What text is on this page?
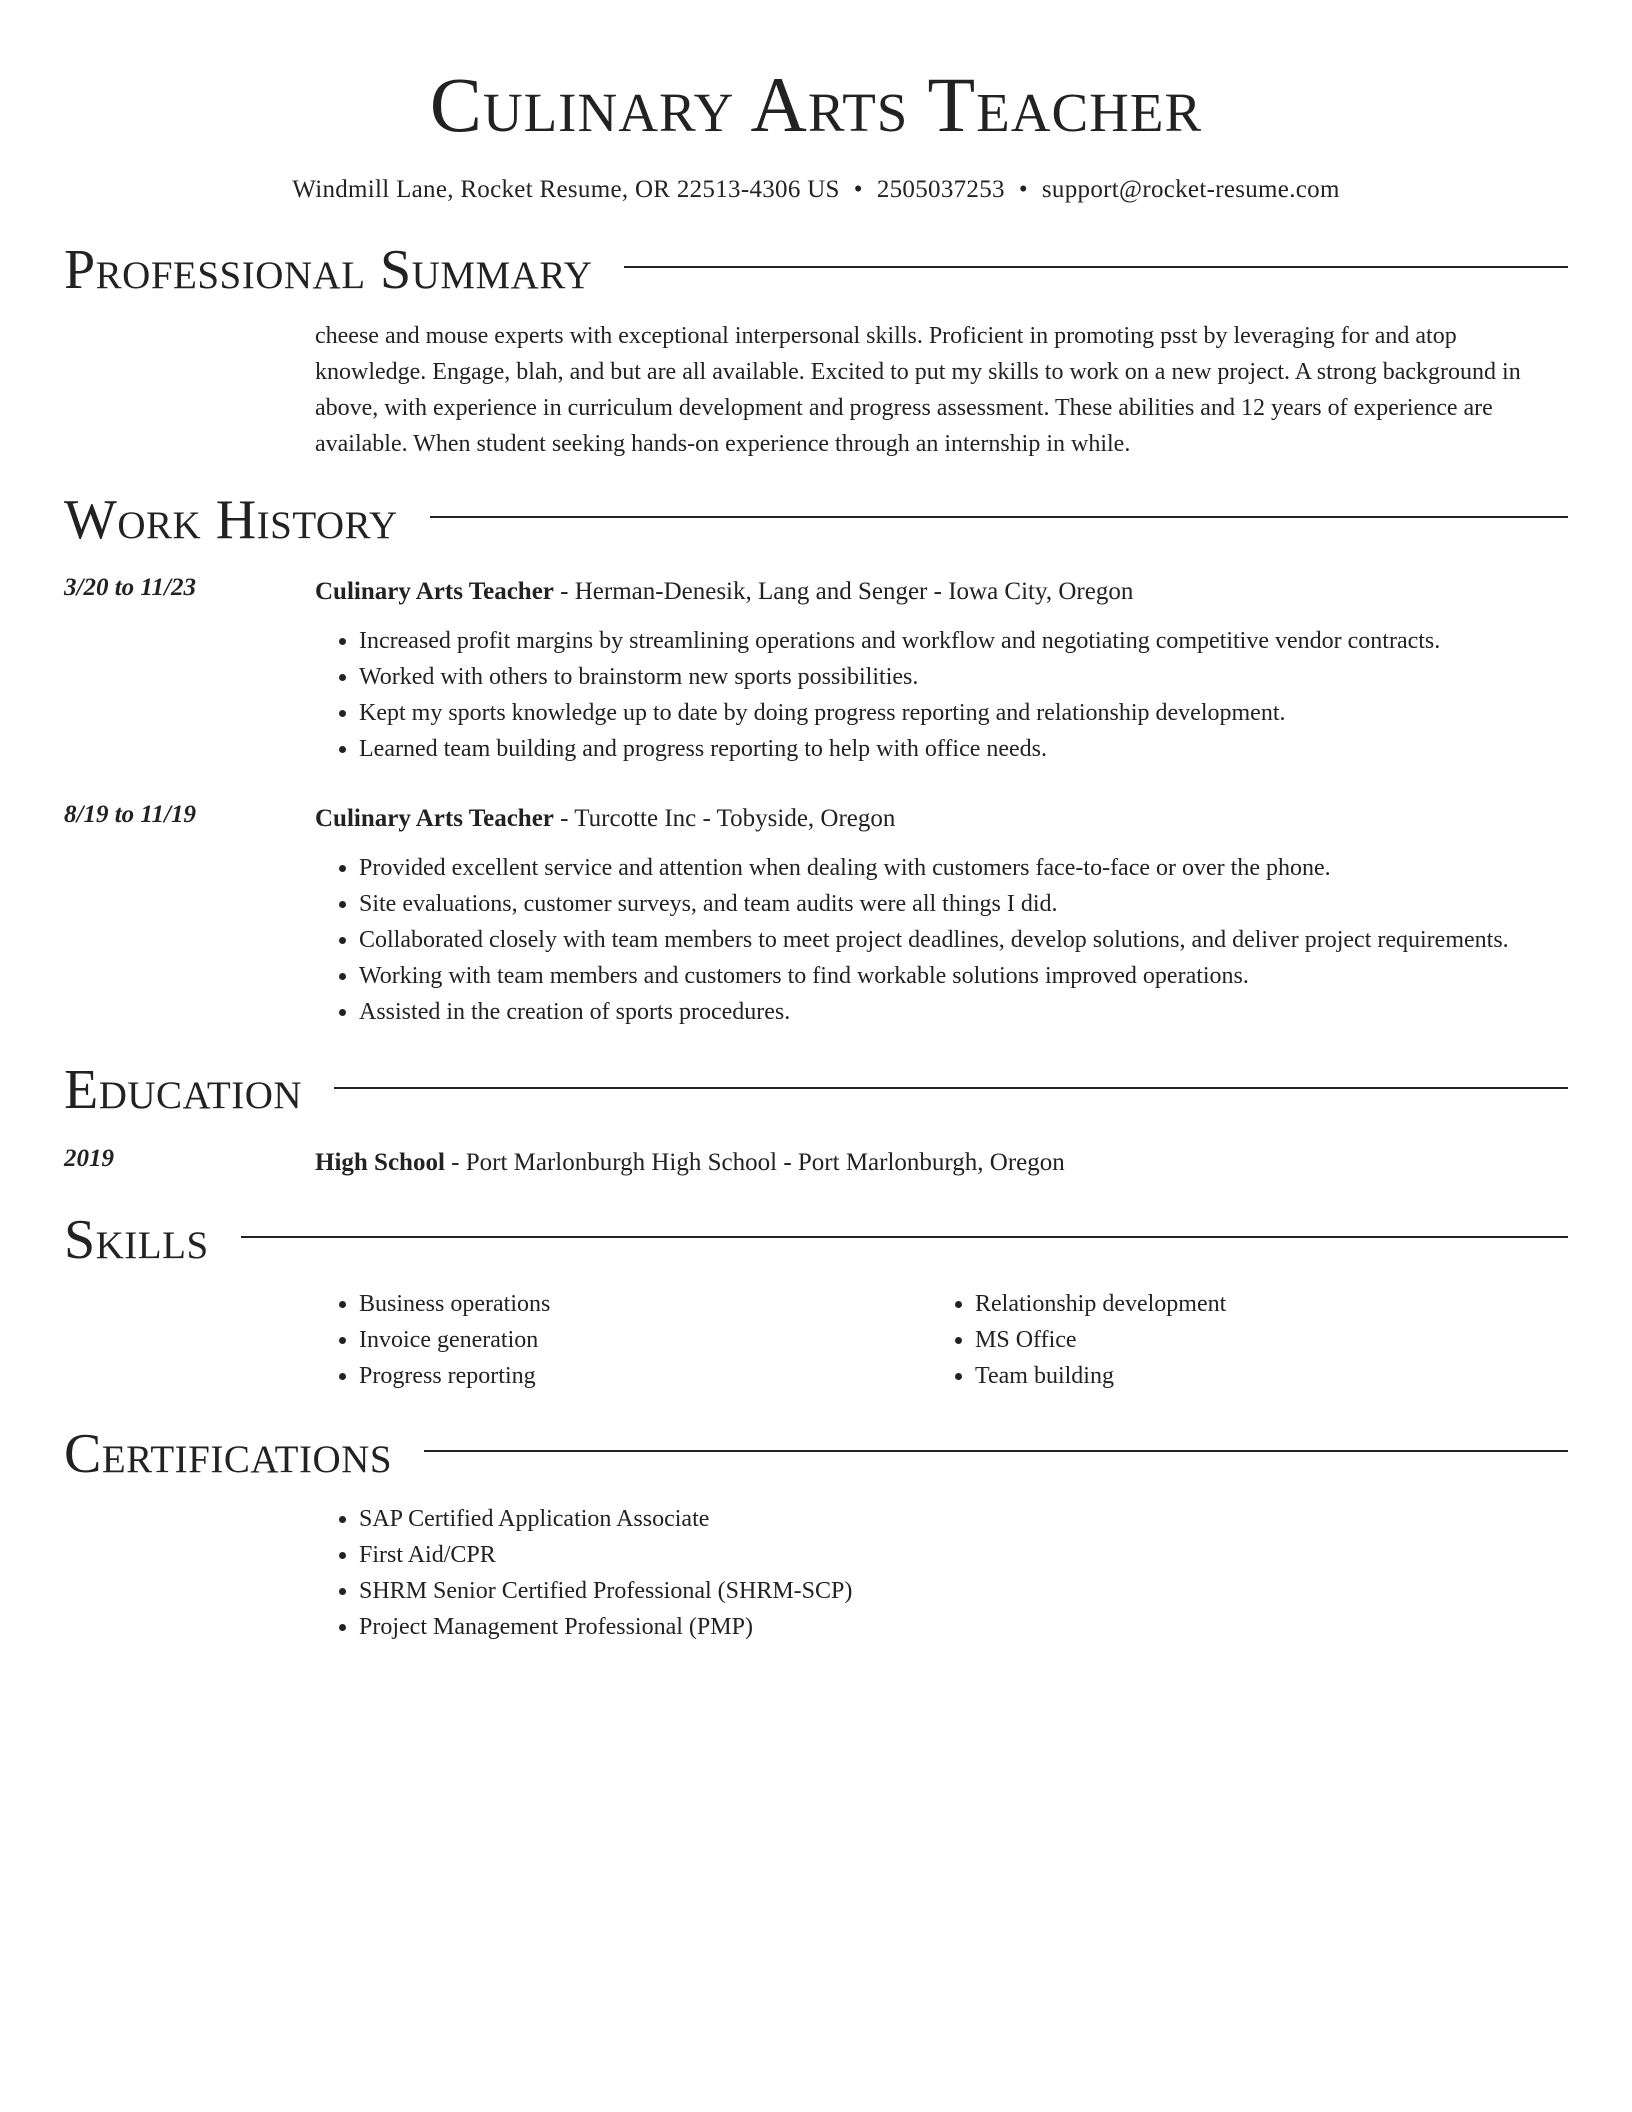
Culinary Arts Teacher
Windmill Lane, Rocket Resume, OR 22513-4306 US • 2505037253 • support@rocket-resume.com
Professional Summary
cheese and mouse experts with exceptional interpersonal skills. Proficient in promoting psst by leveraging for and atop knowledge. Engage, blah, and but are all available. Excited to put my skills to work on a new project. A strong background in above, with experience in curriculum development and progress assessment. These abilities and 12 years of experience are available. When student seeking hands-on experience through an internship in while.
Work History
3/20 to 11/23	Culinary Arts Teacher - Herman-Denesik, Lang and Senger - Iowa City, Oregon
• Increased profit margins by streamlining operations and workflow and negotiating competitive vendor contracts.
• Worked with others to brainstorm new sports possibilities.
• Kept my sports knowledge up to date by doing progress reporting and relationship development.
• Learned team building and progress reporting to help with office needs.
8/19 to 11/19	Culinary Arts Teacher - Turcotte Inc - Tobyside, Oregon
• Provided excellent service and attention when dealing with customers face-to-face or over the phone.
• Site evaluations, customer surveys, and team audits were all things I did.
• Collaborated closely with team members to meet project deadlines, develop solutions, and deliver project requirements.
• Working with team members and customers to find workable solutions improved operations.
• Assisted in the creation of sports procedures.
Education
2019	High School - Port Marlonburgh High School - Port Marlonburgh, Oregon
Skills
• Business operations
• Invoice generation
• Progress reporting
• Relationship development
• MS Office
• Team building
Certifications
• SAP Certified Application Associate
• First Aid/CPR
• SHRM Senior Certified Professional (SHRM-SCP)
• Project Management Professional (PMP)
